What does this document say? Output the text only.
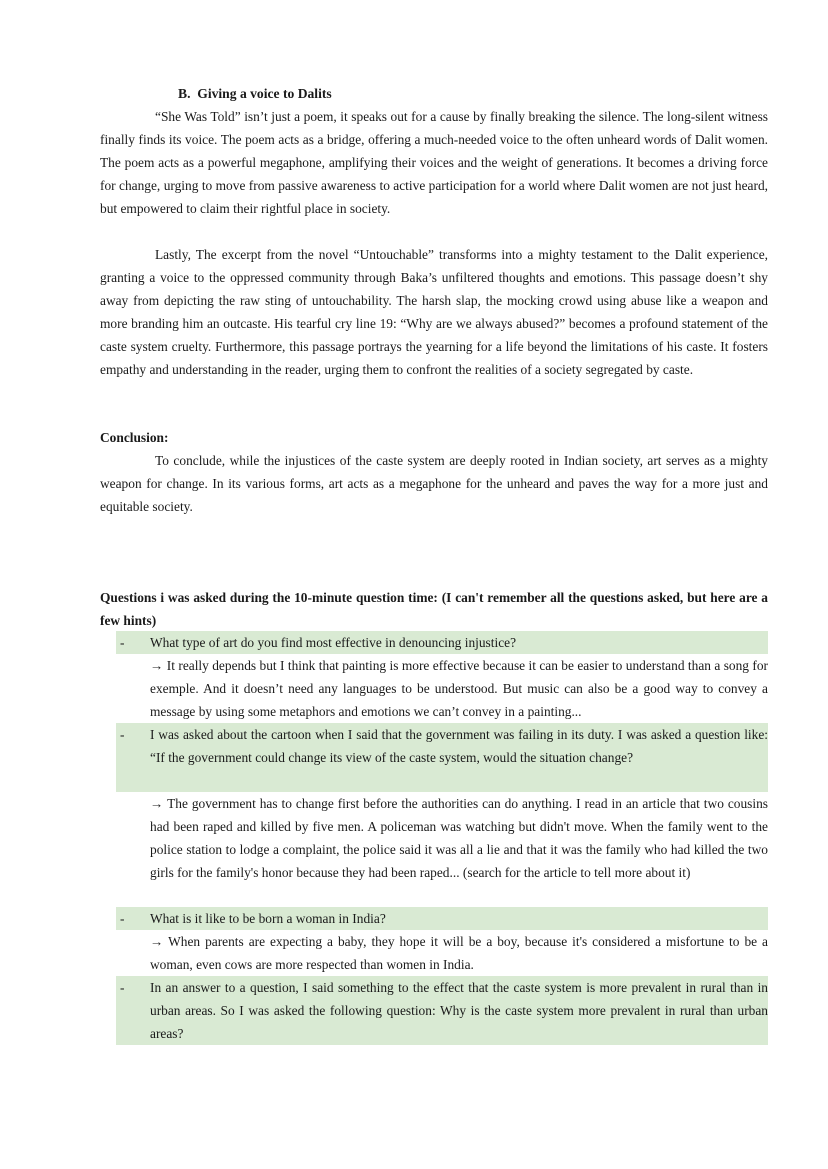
B.  Giving a voice to Dalits
“She Was Told” isn’t just a poem, it speaks out for a cause by finally breaking the silence. The long-silent witness finally finds its voice. The poem acts as a bridge, offering a much-needed voice to the often unheard words of Dalit women. The poem acts as a powerful megaphone, amplifying their voices and the weight of generations. It becomes a driving force for change, urging to move from passive awareness to active participation for a world where Dalit women are not just heard, but empowered to claim their rightful place in society.
Lastly, The excerpt from the novel “Untouchable” transforms into a mighty testament to the Dalit experience, granting a voice to the oppressed community through Baka’s unfiltered thoughts and emotions. This passage doesn’t shy away from depicting the raw sting of untouchability. The harsh slap, the mocking crowd using abuse like a weapon and more branding him an outcaste. His tearful cry line 19: “Why are we always abused?” becomes a profound statement of the caste system cruelty. Furthermore, this passage portrays the yearning for a life beyond the limitations of his caste. It fosters empathy and understanding in the reader, urging them to confront the realities of a society segregated by caste.
Conclusion:
To conclude, while the injustices of the caste system are deeply rooted in Indian society, art serves as a mighty weapon for change. In its various forms, art acts as a megaphone for the unheard and paves the way for a more just and equitable society.
Questions i was asked during the 10-minute question time: (I can't remember all the questions asked, but here are a few hints)
-	What type of art do you find most effective in denouncing injustice?
→ It really depends but I think that painting is more effective because it can be easier to understand than a song for exemple. And it doesn’t need any languages to be understood. But music can also be a good way to convey a message by using some metaphors and emotions we can’t convey in a painting...
-	I was asked about the cartoon when I said that the government was failing in its duty. I was asked a question like: “If the government could change its view of the caste system, would the situation change?
→ The government has to change first before the authorities can do anything. I read in an article that two cousins had been raped and killed by five men. A policeman was watching but didn't move. When the family went to the police station to lodge a complaint, the police said it was all a lie and that it was the family who had killed the two girls for the family's honor because they had been raped... (search for the article to tell more about it)
-	What is it like to be born a woman in India?
→ When parents are expecting a baby, they hope it will be a boy, because it's considered a misfortune to be a woman, even cows are more respected than women in India.
-	In an answer to a question, I said something to the effect that the caste system is more prevalent in rural than in urban areas. So I was asked the following question: Why is the caste system more prevalent in rural than urban areas?
